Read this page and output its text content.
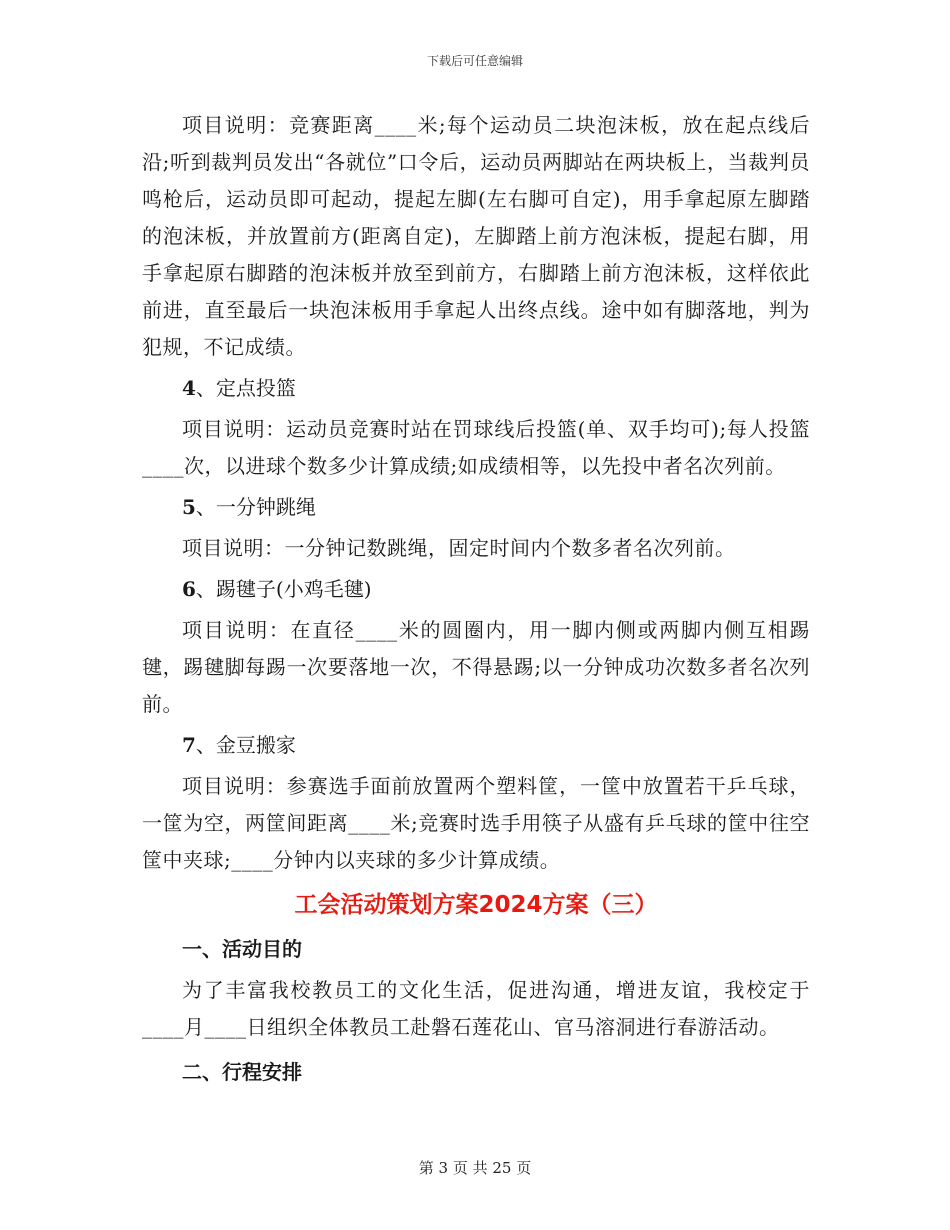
下载后可任意编辑

项目说明：竞赛距离____米;每个运动员二块泡沫板，放在起点线后沿;听到裁判员发出“各就位”口令后，运动员两脚站在两块板上，当裁判员鸣枪后，运动员即可起动，提起左脚(左右脚可自定)，用手拿起原左脚踏的泡沫板，并放置前方(距离自定)，左脚踏上前方泡沫板，提起右脚，用手拿起原右脚踏的泡沫板并放至到前方，右脚踏上前方泡沫板，这样依此前进，直至最后一块泡沫板用手拿起人出终点线。途中如有脚落地，判为犯规，不记成绩。

4、定点投篮

项目说明：运动员竞赛时站在罚球线后投篮(单、双手均可);每人投篮____次，以进球个数多少计算成绩;如成绩相等，以先投中者名次列前。

5、一分钟跳绳

项目说明：一分钟记数跳绳，固定时间内个数多者名次列前。

6、踢毽子(小鸡毛毽)

项目说明：在直径____米的圆圈内，用一脚内侧或两脚内侧互相踢毽，踢毽脚每踢一次要落地一次，不得悬踢;以一分钟成功次数多者名次列前。

7、金豆搬家

项目说明：参赛选手面前放置两个塑料筐，一筐中放置若干乒乓球，一筐为空，两筐间距离____米;竞赛时选手用筷子从盛有乒乓球的筐中往空筐中夹球;____分钟内以夹球的多少计算成绩。

工会活动策划方案2024方案（三）

一、活动目的

为了丰富我校教员工的文化生活，促进沟通，增进友谊，我校定于____月____日组织全体教员工赴磐石莲花山、官马溶洞进行春游活动。

二、行程安排

第 3 页 共 25 页
